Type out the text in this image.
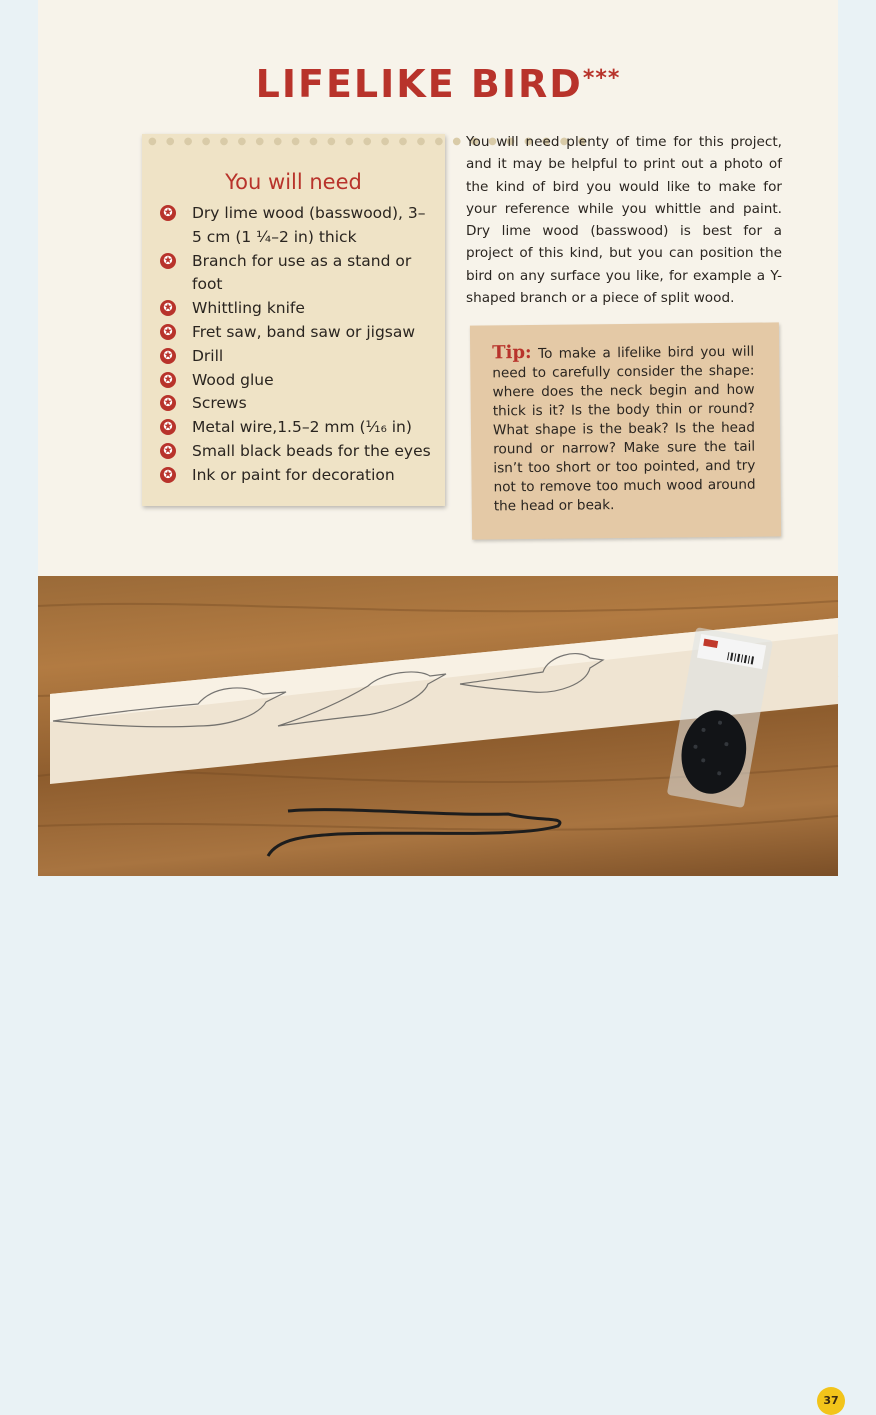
● ● ● ● ● ● ● ● ● ● ● ● ● ● ● ● ● ● ● ● ● ● ● ● ●
You will need
✪ Dry lime wood (basswood), 3–5 cm (1 ¼–2 in) thick
✪ Branch for use as a stand or foot
✪ Whittling knife
✪ Fret saw, band saw or jigsaw
✪ Drill
✪ Wood glue
✪ Screws
✪ Metal wire,1.5–2 mm (¹⁄₁₆ in)
✪ Small black beads for the eyes
✪ Ink or paint for decoration
37
LIFELIKE BIRD***
You will need plenty of time for this project, and it may be helpful to print out a photo of the kind of bird you would like to make for your reference while you whittle and paint. Dry lime wood (basswood) is best for a project of this kind, but you can position the bird on any surface you like, for example a Y-shaped branch or a piece of split wood.

Tip: To make a lifelike bird you will need to carefully consider the shape: where does the neck begin and how thick is it? Is the body thin or round? What shape is the beak? Is the head round or narrow? Make sure the tail isn’t too short or too pointed, and try not to remove too much wood around the head or beak.
